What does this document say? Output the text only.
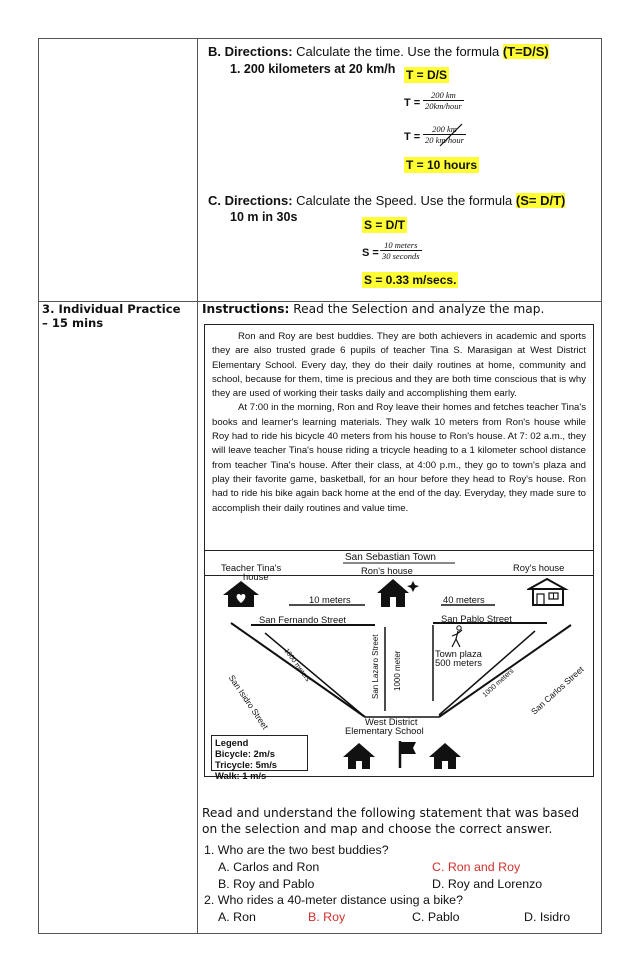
B. Directions: Calculate the time. Use the formula (T=D/S)
1. 200 kilometers at 20 km/h T = D/S
T =
200 km
20km/hour
T =
200 km
20 km/hour
T = 10 hours
C. Directions: Calculate the Speed. Use the formula (S= D/T)
10 m in 30s
S = D/T
S =
10 meters
30 seconds
S = 0.33 m/secs.
3. Individual Practice
– 15 mins
Instructions: Read the Selection and analyze the map.

Ron and Roy are best buddies. They are both achievers in academic and sports they are also trusted grade 6 pupils of teacher Tina S. Marasigan at West District Elementary School. Every day, they do their daily routines at home, community and school, because for them, time is precious and they are both time conscious that is why they are used of working their tasks daily and accomplishing them early.

At 7:00 in the morning, Ron and Roy leave their homes and fetches teacher Tina's books and learner's learning materials. They walk 10 meters from Ron's house while Roy had to ride his bicycle 40 meters from his house to Ron's house. At 7: 02 a.m., they will leave teacher Tina's house riding a tricycle heading to a 1 kilometer school distance from teacher Tina's house. After their class, at 4:00 p.m., they go to town's plaza and play their favorite game, basketball, for an hour before they head to Roy's house. Ron had to ride his bike again back home at the end of the day. Everyday, they made sure to accomplish their daily routines and value time.

San Sebastian Town
Teacher Tina's
house
Ron's house	Roy's house
10 meters	40 meters
San Fernando Street	San Pablo Street
San Isidro Street
1000 meters	San Lazaro Street 1000 meter	Town plaza
500 meters
1000 meters San Carlos Street
West District
Elementary School
Legend
Bicycle: 2m/s
Tricycle: 5m/s
Walk: 1 m/s
Read and understand the following statement that was based
on the selection and map and choose the correct answer.
1. Who are the two best buddies?
A. Carlos and Ron	C. Ron and Roy
B. Roy and Pablo	D. Roy and Lorenzo
2. Who rides a 40-meter distance using a bike?
A. Ron	B. Roy	C. Pablo	D. Isidro
